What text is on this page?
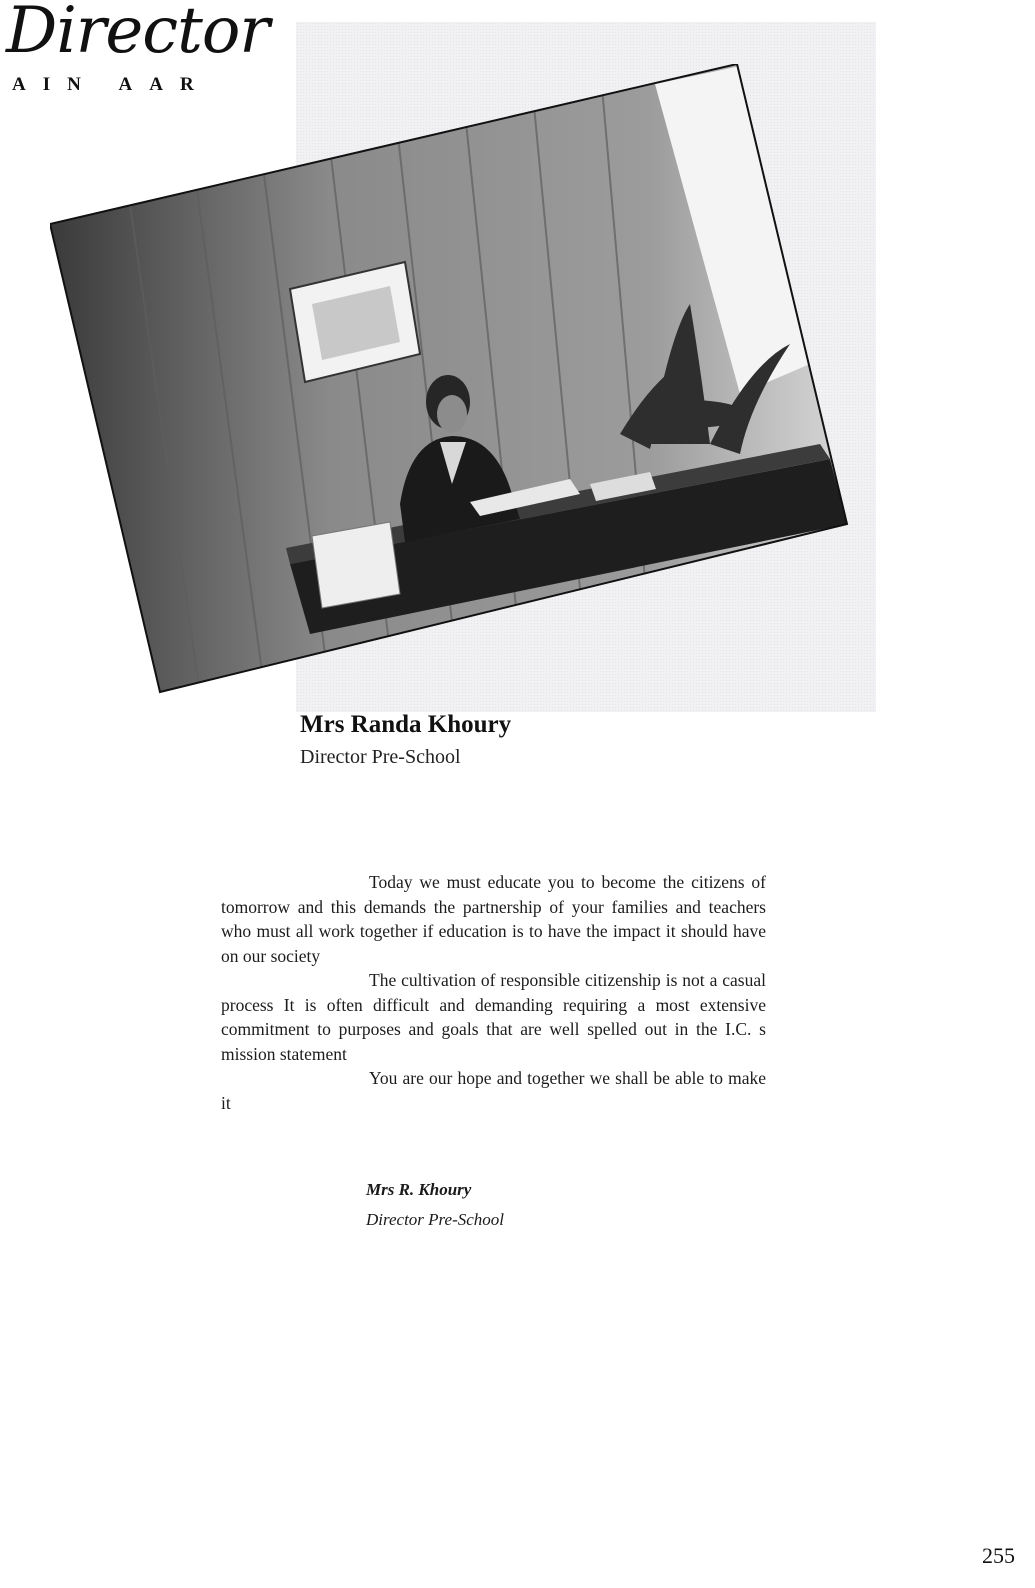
Director
AIN AAR
Mrs Randa Khoury
Director Pre-School

Today we must educate you to become the citizens of tomorrow and this demands the partnership of your families and teachers who must all work together if education is to have the impact it should have on our society

The cultivation of responsible citizenship is not a casual process It is often difficult and demanding requiring a most extensive commitment to purposes and goals that are well spelled out in the I.C. s mission statement

You are our hope and together we shall be able to make it

Mrs R. Khoury
Director Pre-School
255
